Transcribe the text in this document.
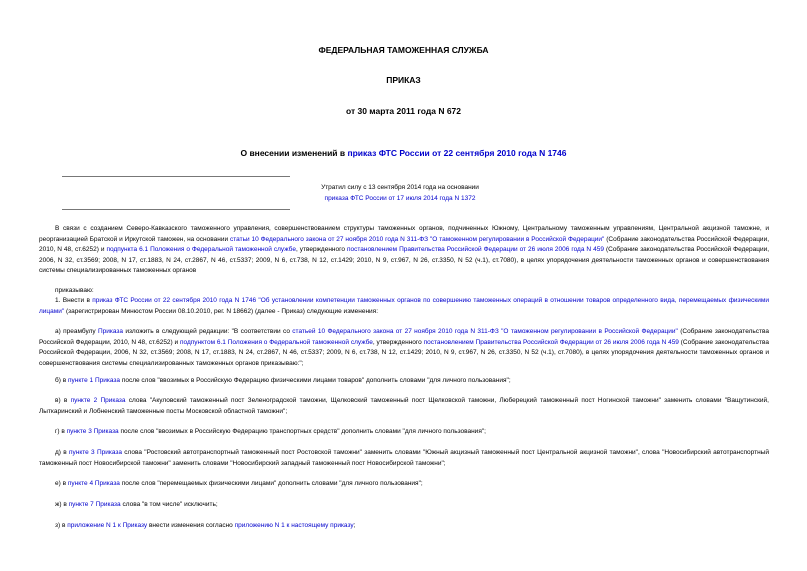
ФЕДЕРАЛЬНАЯ ТАМОЖЕННАЯ СЛУЖБА
ПРИКАЗ
от 30 марта 2011 года N 672
О внесении изменений в приказ ФТС России от 22 сентября 2010 года N 1746
Утратил силу с 13 сентября 2014 года на основании
приказа ФТС России от 17 июля 2014 года N 1372
В связи с созданием Северо-Кавказского таможенного управления, совершенствованием структуры таможенных органов, подчиненных Южному, Центральному таможенным управлениям, Центральной акцизной таможне, и реорганизацией Братской и Иркутской таможен, на основании статьи 10 Федерального закона от 27 ноября 2010 года N 311-ФЗ "О таможенном регулировании в Российской Федерации" (Собрание законодательства Российской Федерации, 2010, N 48, ст.6252) и подпункта 6.1 Положения о Федеральной таможенной службе, утвержденного постановлением Правительства Российской Федерации от 26 июля 2006 года N 459 (Собрание законодательства Российской Федерации, 2006, N 32, ст.3569; 2008, N 17, ст.1883, N 24, ст.2867, N 46, ст.5337; 2009, N 6, ст.738, N 12, ст.1429; 2010, N 9, ст.967, N 26, ст.3350, N 52 (ч.1), ст.7080), в целях упорядочения деятельности таможенных органов и совершенствования системы специализированных таможенных органов
приказываю:
1. Внести в приказ ФТС России от 22 сентября 2010 года N 1746 "Об установлении компетенции таможенных органов по совершению таможенных операций в отношении товаров определенного вида, перемещаемых физическими лицами" (зарегистрирован Минюстом России 08.10.2010, рег. N 18662) (далее - Приказ) следующие изменения:
а) преамбулу Приказа изложить в следующей редакции: "В соответствии со статьей 10 Федерального закона от 27 ноября 2010 года N 311-ФЗ "О таможенном регулировании в Российской Федерации" (Собрание законодательства Российской Федерации, 2010, N 48, ст.6252) и подпунктом 6.1 Положения о Федеральной таможенной службе, утвержденного постановлением Правительства Российской Федерации от 26 июля 2006 года N 459 (Собрание законодательства Российской Федерации, 2006, N 32, ст.3569; 2008, N 17, ст.1883, N 24, ст.2867, N 46, ст.5337; 2009, N 6, ст.738, N 12, ст.1429; 2010, N 9, ст.967, N 26, ст.3350, N 52 (ч.1), ст.7080), в целях упорядочения деятельности таможенных органов и совершенствования системы специализированных таможенных органов приказываю:";
б) в пункте 1 Приказа после слов "ввозимых в Российскую Федерацию физическими лицами товаров" дополнить словами "для личного пользования";
в) в пункте 2 Приказа слова "Акуловский таможенный пост Зеленоградской таможни, Щелковский таможенный пост Щелковской таможни, Люберецкий таможенный пост Ногинской таможни" заменить словами "Ващутинский, Лыткаринский и Лобненский таможенные посты Московской областной таможни";
г) в пункте 3 Приказа после слов "ввозимых в Российскую Федерацию транспортных средств" дополнить словами "для личного пользования";
д) в пункте 3 Приказа слова "Ростовский автотранспортный таможенный пост Ростовской таможни" заменить словами "Южный акцизный таможенный пост Центральной акцизной таможни", слова "Новосибирский автотранспортный таможенный пост Новосибирской таможни" заменить словами "Новосибирский западный таможенный пост Новосибирской таможни";
е) в пункте 4 Приказа после слов "перемещаемых физическими лицами" дополнить словами "для личного пользования";
ж) в пункте 7 Приказа слова "в том числе" исключить;
з) в приложение N 1 к Приказу внести изменения согласно приложению N 1 к настоящему приказу;
